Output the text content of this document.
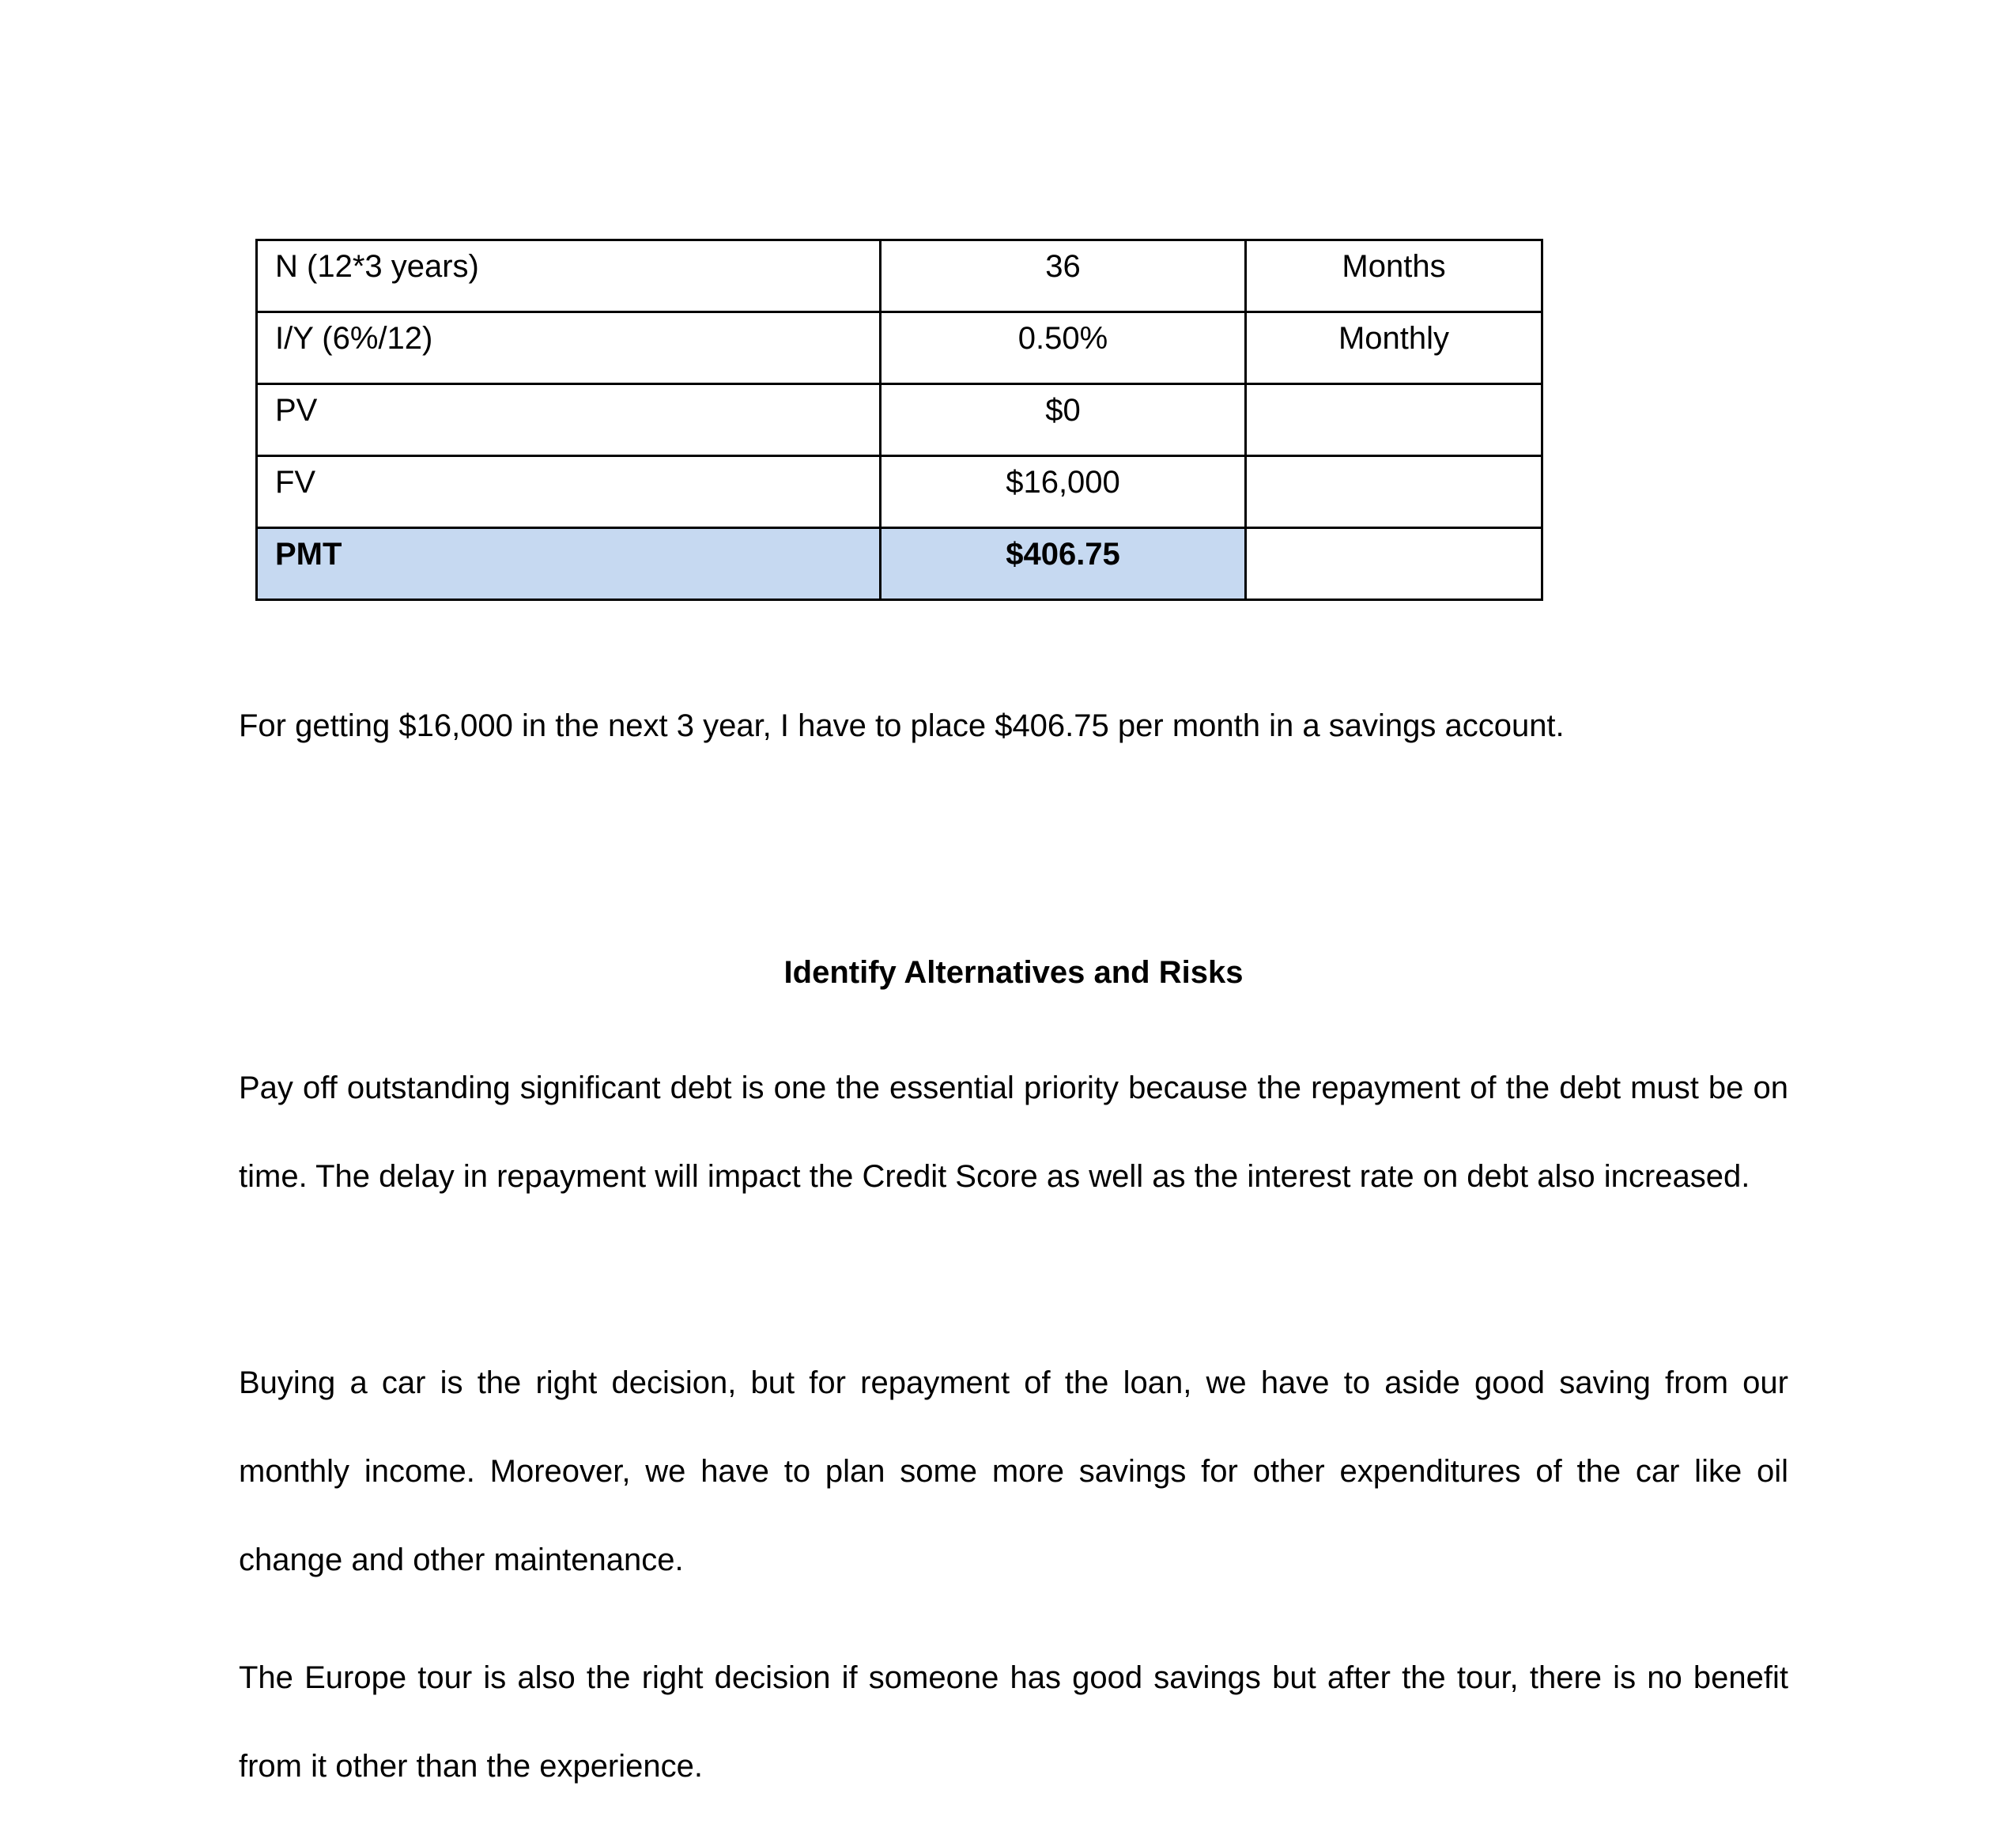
N (12*3 years)	36	Months
I/Y (6%/12)	0.50%	Monthly
PV	$0	
FV	$16,000	
PMT	$406.75	

For getting $16,000 in the next 3 year, I have to place $406.75 per month in a savings account.

Identify Alternatives and Risks

Pay off outstanding significant debt is one the essential priority because the repayment of the debt must be on time. The delay in repayment will impact the Credit Score as well as the interest rate on debt also increased.

Buying a car is the right decision, but for repayment of the loan, we have to aside good saving from our monthly income. Moreover, we have to plan some more savings for other expenditures of the car like oil change and other maintenance.

The Europe tour is also the right decision if someone has good savings but after the tour, there is no benefit from it other than the experience.
